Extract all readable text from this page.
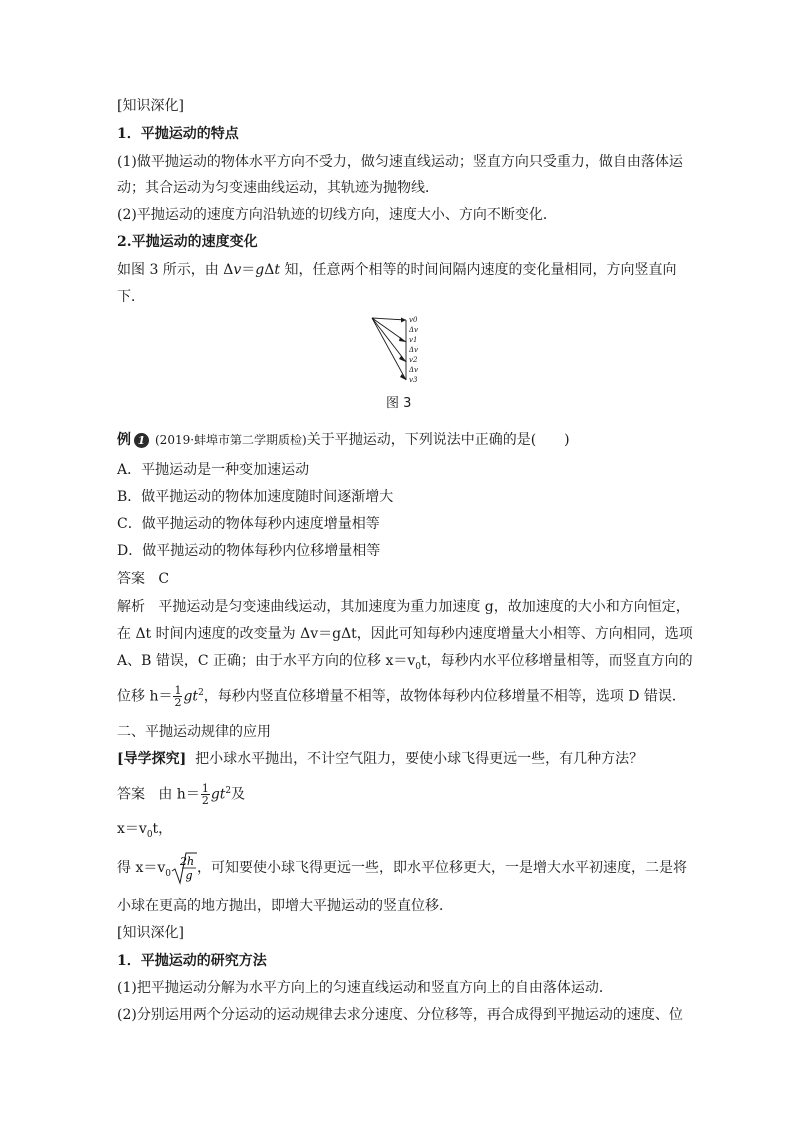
[知识深化]
1．平抛运动的特点
(1)做平抛运动的物体水平方向不受力，做匀速直线运动；竖直方向只受重力，做自由落体运
动；其合运动为匀变速曲线运动，其轨迹为抛物线．
(2)平抛运动的速度方向沿轨迹的切线方向，速度大小、方向不断变化．
2.平抛运动的速度变化
如图 3 所示，由 Δv＝gΔt 知，任意两个相等的时间间隔内速度的变化量相同，方向竖直向
下．
v0
Δv
v1
Δv
v2
Δv
v3
图 3
例 1 (2019·蚌埠市第二学期质检)关于平抛运动，下列说法中正确的是(　　)
A．平抛运动是一种变加速运动
B．做平抛运动的物体加速度随时间逐渐增大
C．做平抛运动的物体每秒内速度增量相等
D．做平抛运动的物体每秒内位移增量相等
答案 C
解析 平抛运动是匀变速曲线运动，其加速度为重力加速度 g，故加速度的大小和方向恒定，
在 Δt 时间内速度的改变量为 Δv＝gΔt，因此可知每秒内速度增量大小相等、方向相同，选项
A、B 错误，C 正确；由于水平方向的位移 $x=v_0t$，每秒内水平位移增量相等，而竖直方向的
位移 $h= \frac{1}{2} gt^2$，每秒内竖直位移增量不相等，故物体每秒内位移增量不相等，选项 D 错误．
二、平抛运动规律的应用
[导学探究] 把小球水平抛出，不计空气阻力，要使小球飞得更远一些，有几种方法？
答案 由 $h= \frac{1}{2} gt^2$及
$x=v_0t$，
得 $x=v_0$
2h
g ，可知要使小球飞得更远一些，即水平位移更大，一是增大水平初速度，二是将
小球在更高的地方抛出，即增大平抛运动的竖直位移．
[知识深化]
1．平抛运动的研究方法
(1)把平抛运动分解为水平方向上的匀速直线运动和竖直方向上的自由落体运动．
(2)分别运用两个分运动的运动规律去求分速度、分位移等，再合成得到平抛运动的速度、位
